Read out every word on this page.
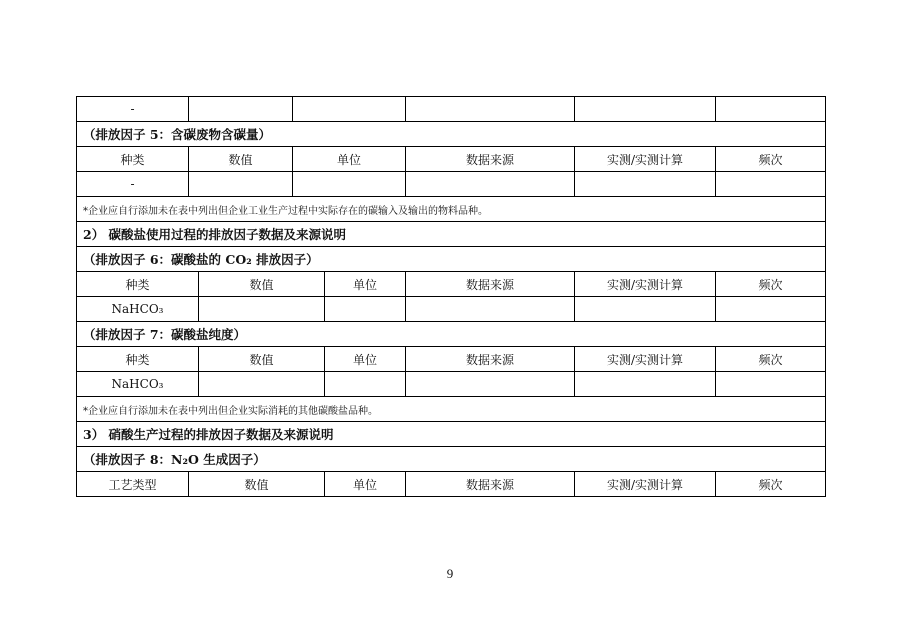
-							
（排放因子 5：含碳废物含碳量）							
种类	数值		单位		数据来源	实测/实测计算	频次
-							
*企业应自行添加未在表中列出但企业工业生产过程中实际存在的碳输入及输出的物料品种。							
2） 碳酸盐使用过程的排放因子数据及来源说明							
（排放因子 6：碳酸盐的 CO₂ 排放因子）							
种类		数值		单位	数据来源	实测/实测计算	频次
NaHCO₃							
（排放因子 7：碳酸盐纯度）							
种类		数值		单位	数据来源	实测/实测计算	频次
NaHCO₃							
*企业应自行添加未在表中列出但企业实际消耗的其他碳酸盐品种。							
3） 硝酸生产过程的排放因子数据及来源说明							
（排放因子 8：N₂O 生成因子）							
工艺类型	数值			单位	数据来源	实测/实测计算	频次
9
